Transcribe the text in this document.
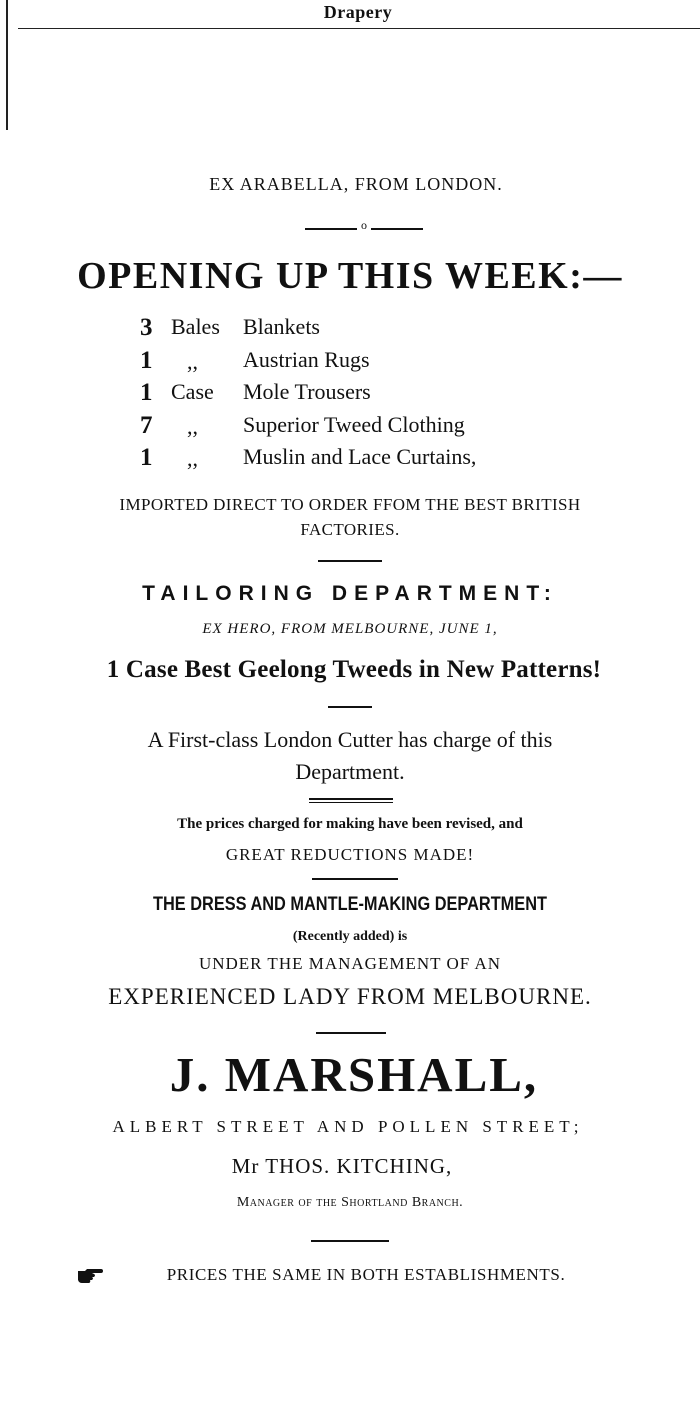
Drapery
EX ARABELLA, FROM LONDON.
o
OPENING UP THIS WEEK:—
3 Bales Blankets
1 ,, Austrian Rugs
1 Case Mole Trousers
7 ,, Superior Tweed Clothing
1 ,, Muslin and Lace Curtains,
IMPORTED DIRECT TO ORDER FFOM THE BEST BRITISH
FACTORIES.
TAILORING DEPARTMENT:
EX HERO, FROM MELBOURNE, JUNE 1,
1 Case Best Geelong Tweeds in New Patterns!
A First-class London Cutter has charge of this
Department.
The prices charged for making have been revised, and
GREAT REDUCTIONS MADE!
THE DRESS AND MANTLE-MAKING DEPARTMENT
(Recently added) is
UNDER THE MANAGEMENT OF AN
EXPERIENCED LADY FROM MELBOURNE.
J. MARSHALL,
ALBERT STREET AND POLLEN STREET;
Mr THOS. KITCHING,
Manager of the Shortland Branch.
PRICES THE SAME IN BOTH ESTABLISHMENTS.
